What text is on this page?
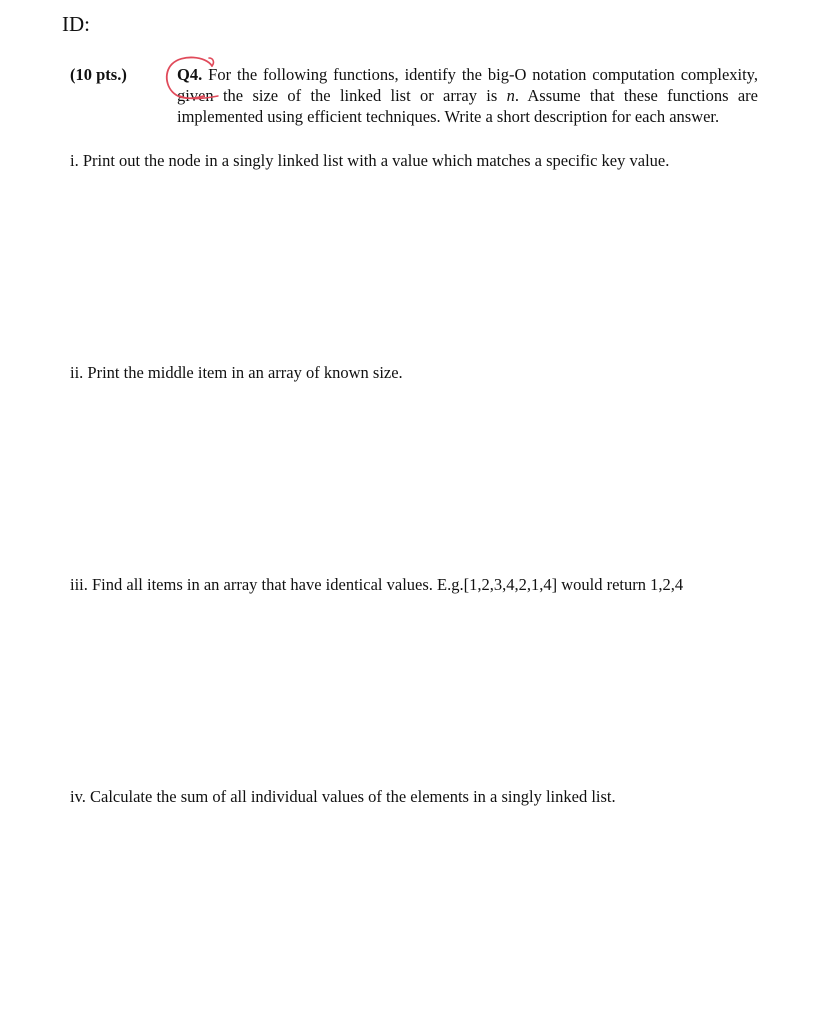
ID:
(10 pts.)	Q4. For the following functions, identify the big-O notation computation complexity, given the size of the linked list or array is n. Assume that these functions are implemented using efficient techniques. Write a short description for each answer.
i. Print out the node in a singly linked list with a value which matches a specific key value.
ii. Print the middle item in an array of known size.
iii. Find all items in an array that have identical values. E.g.[1,2,3,4,2,1,4] would return 1,2,4
iv. Calculate the sum of all individual values of the elements in a singly linked list.
